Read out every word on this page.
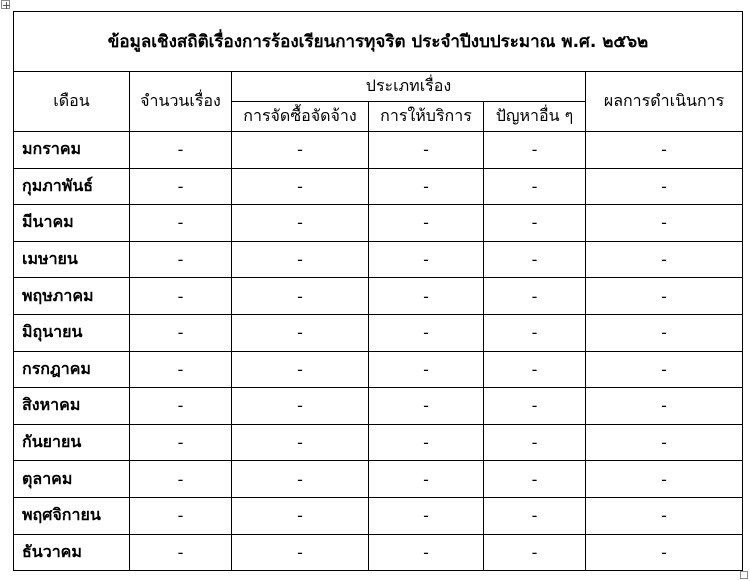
ข้อมูลเชิงสถิติเรื่องการร้องเรียนการทุจริต ประจำปีงบประมาณ พ.ศ. ๒๕๖๒					
เดือน	จำนวนเรื่อง	ประเภทเรื่อง			ผลการดำเนินการ
		การจัดซื้อจัดจ้าง	การให้บริการ	ปัญหาอื่น ๆ	
มกราคม	-	-	-	-	-
กุมภาพันธ์	-	-	-	-	-
มีนาคม	-	-	-	-	-
เมษายน	-	-	-	-	-
พฤษภาคม	-	-	-	-	-
มิถุนายน	-	-	-	-	-
กรกฎาคม	-	-	-	-	-
สิงหาคม	-	-	-	-	-
กันยายน	-	-	-	-	-
ตุลาคม	-	-	-	-	-
พฤศจิกายน	-	-	-	-	-
ธันวาคม	-	-	-	-	-
